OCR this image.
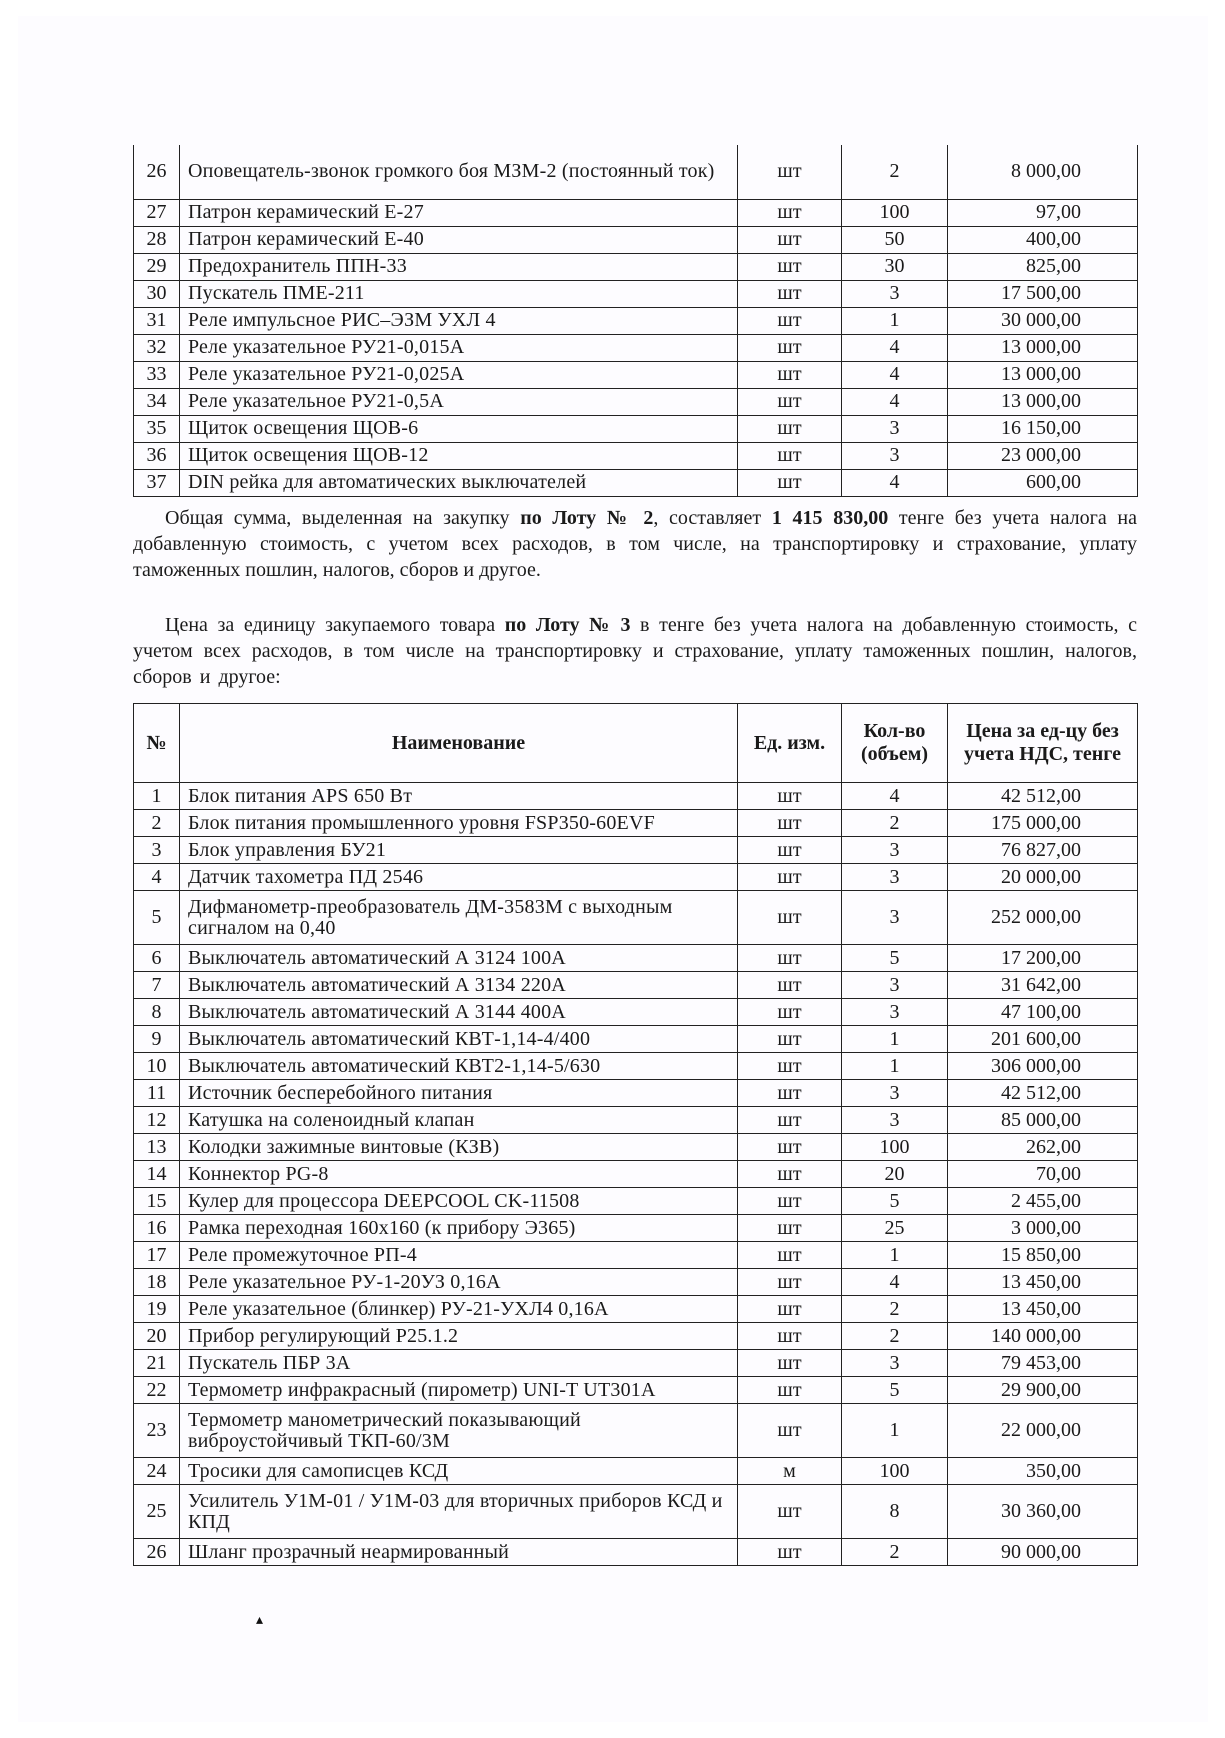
26	Оповещатель-звонок громкого боя МЗМ-2 (постоянный ток)	шт	2	8 000,00
27	Патрон керамический Е-27	шт	100	97,00
28	Патрон керамический Е-40	шт	50	400,00
29	Предохранитель ППН-33	шт	30	825,00
30	Пускатель ПМЕ-211	шт	3	17 500,00
31	Реле импульсное РИС–ЭЗМ УХЛ 4	шт	1	30 000,00
32	Реле указательное РУ21-0,015А	шт	4	13 000,00
33	Реле указательное РУ21-0,025А	шт	4	13 000,00
34	Реле указательное РУ21-0,5А	шт	4	13 000,00
35	Щиток освещения ЩОВ-6	шт	3	16 150,00
36	Щиток освещения ЩОВ-12	шт	3	23 000,00
37	DIN рейка для автоматических выключателей	шт	4	600,00
Общая сумма, выделенная на закупку по Лоту № 2, составляет 1 415 830,00 тенге без учета налога на добавленную стоимость, с учетом всех расходов, в том числе, на транспортировку и страхование, уплату таможенных пошлин, налогов, сборов и другое.
Цена за единицу закупаемого товара по Лоту № 3 в тенге без учета налога на добавленную стоимость, с учетом всех расходов, в том числе на транспортировку и страхование, уплату таможенных пошлин, налогов, сборов и другое:
№	Наименование	Ед. изм.	Кол-во (объем)	Цена за ед-цу без учета НДС, тенге
1	Блок питания APS 650 Вт	шт	4	42 512,00
2	Блок питания промышленного уровня FSP350-60EVF	шт	2	175 000,00
3	Блок управления БУ21	шт	3	76 827,00
4	Датчик тахометра ПД 2546	шт	3	20 000,00
5	Дифманометр-преобразователь ДМ-3583М с выходным сигналом на 0,40	шт	3	252 000,00
6	Выключатель автоматический А 3124 100А	шт	5	17 200,00
7	Выключатель автоматический А 3134 220А	шт	3	31 642,00
8	Выключатель автоматический А 3144 400А	шт	3	47 100,00
9	Выключатель автоматический КВТ-1,14-4/400	шт	1	201 600,00
10	Выключатель автоматический КВТ2-1,14-5/630	шт	1	306 000,00
11	Источник бесперебойного питания	шт	3	42 512,00
12	Катушка на соленоидный клапан	шт	3	85 000,00
13	Колодки зажимные винтовые (КЗВ)	шт	100	262,00
14	Коннектор PG-8	шт	20	70,00
15	Кулер для процессора DEEPCOOL CK-11508	шт	5	2 455,00
16	Рамка переходная 160х160 (к прибору Э365)	шт	25	3 000,00
17	Реле промежуточное РП-4	шт	1	15 850,00
18	Реле указательное РУ-1-20УЗ 0,16А	шт	4	13 450,00
19	Реле указательное (блинкер) РУ-21-УХЛ4 0,16А	шт	2	13 450,00
20	Прибор регулирующий Р25.1.2	шт	2	140 000,00
21	Пускатель ПБР 3А	шт	3	79 453,00
22	Термометр инфракрасный (пирометр) UNI-T UT301A	шт	5	29 900,00
23	Термометр манометрический показывающий виброустойчивый ТКП-60/3М	шт	1	22 000,00
24	Тросики для самописцев КСД	м	100	350,00
25	Усилитель У1М-01 / У1М-03 для вторичных приборов КСД и КПД	шт	8	30 360,00
26	Шланг прозрачный неармированный	шт	2	90 000,00
▴
